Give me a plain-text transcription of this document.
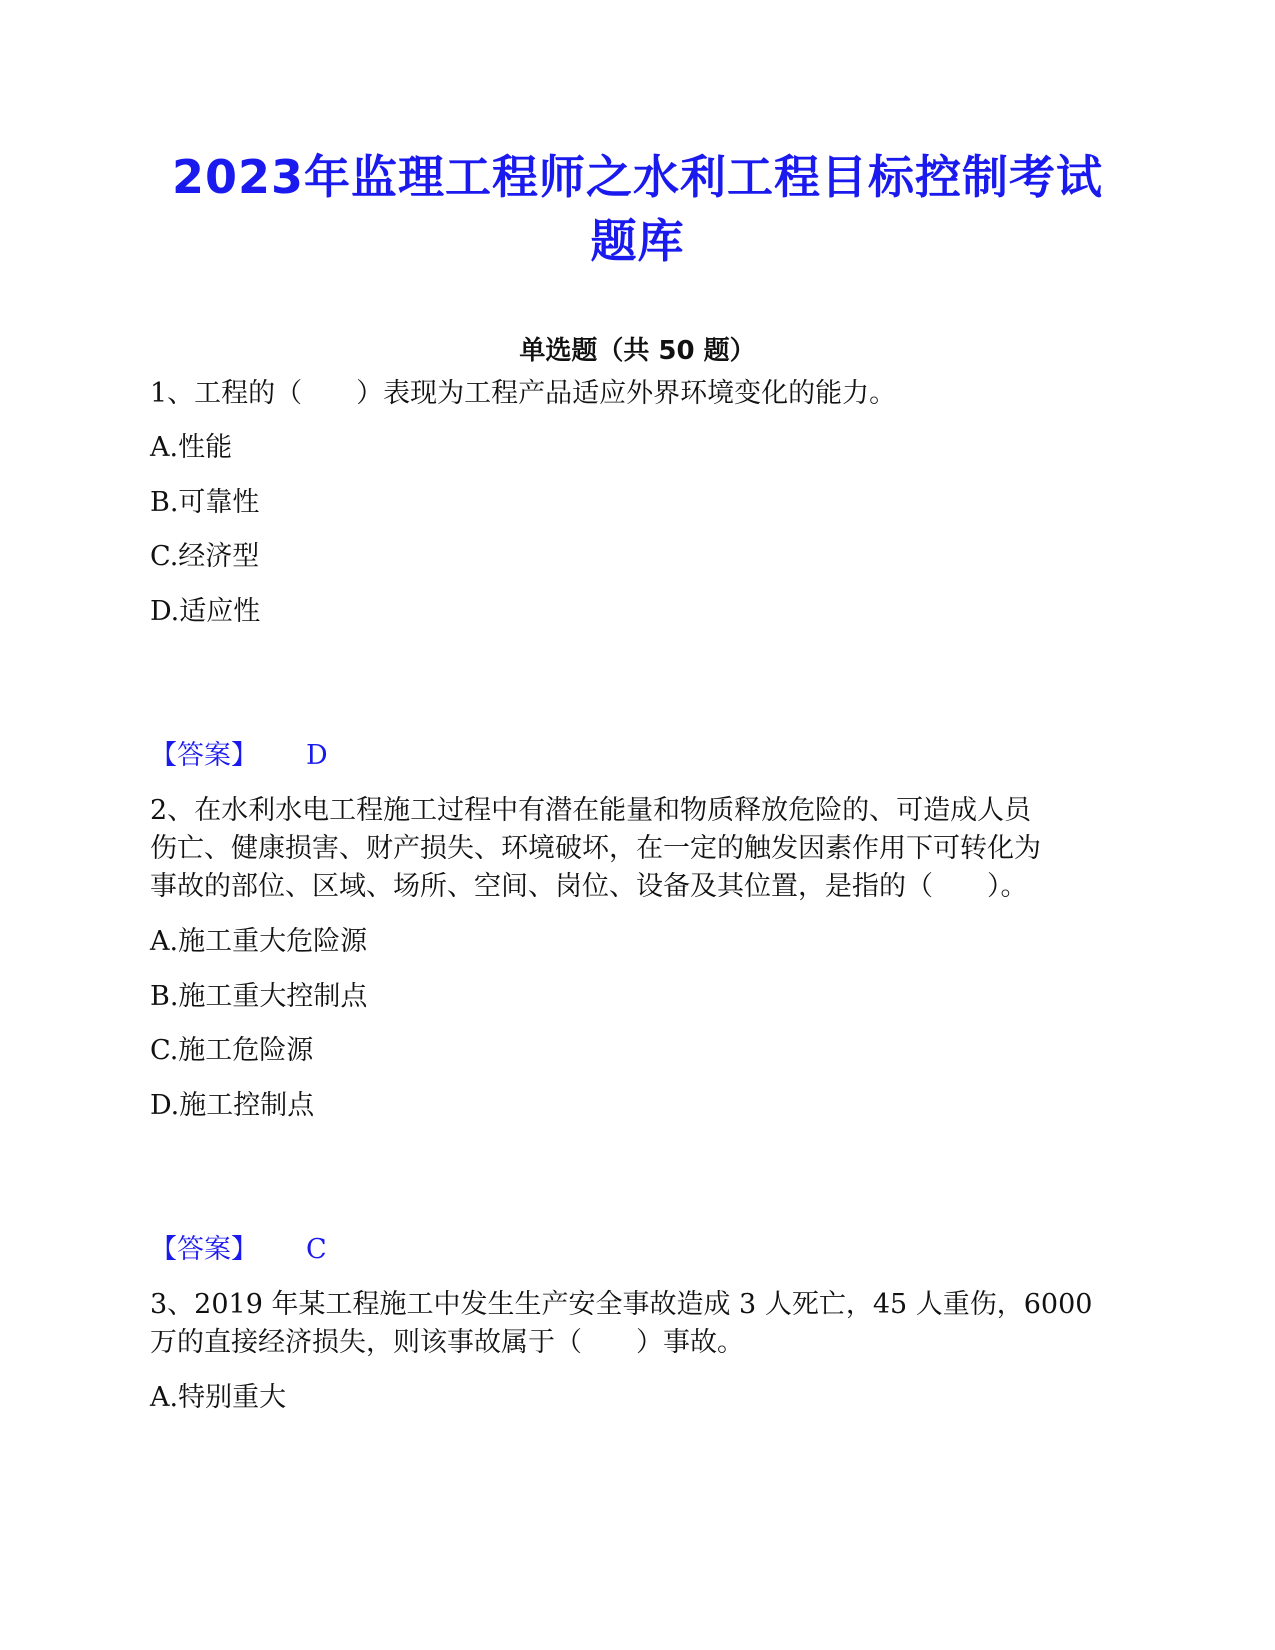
2023年监理工程师之水利工程目标控制考试
题库
单选题（共 50 题）
1、工程的（　　）表现为工程产品适应外界环境变化的能力。
A.性能
B.可靠性
C.经济型
D.适应性
【答案】 D
2、在水利水电工程施工过程中有潜在能量和物质释放危险的、可造成人员
伤亡、健康损害、财产损失、环境破坏，在一定的触发因素作用下可转化为
事故的部位、区域、场所、空间、岗位、设备及其位置，是指的（　　）。
A.施工重大危险源
B.施工重大控制点
C.施工危险源
D.施工控制点
【答案】 C
3、2019 年某工程施工中发生生产安全事故造成 3 人死亡，45 人重伤，6000
万的直接经济损失，则该事故属于（　　）事故。
A.特别重大
